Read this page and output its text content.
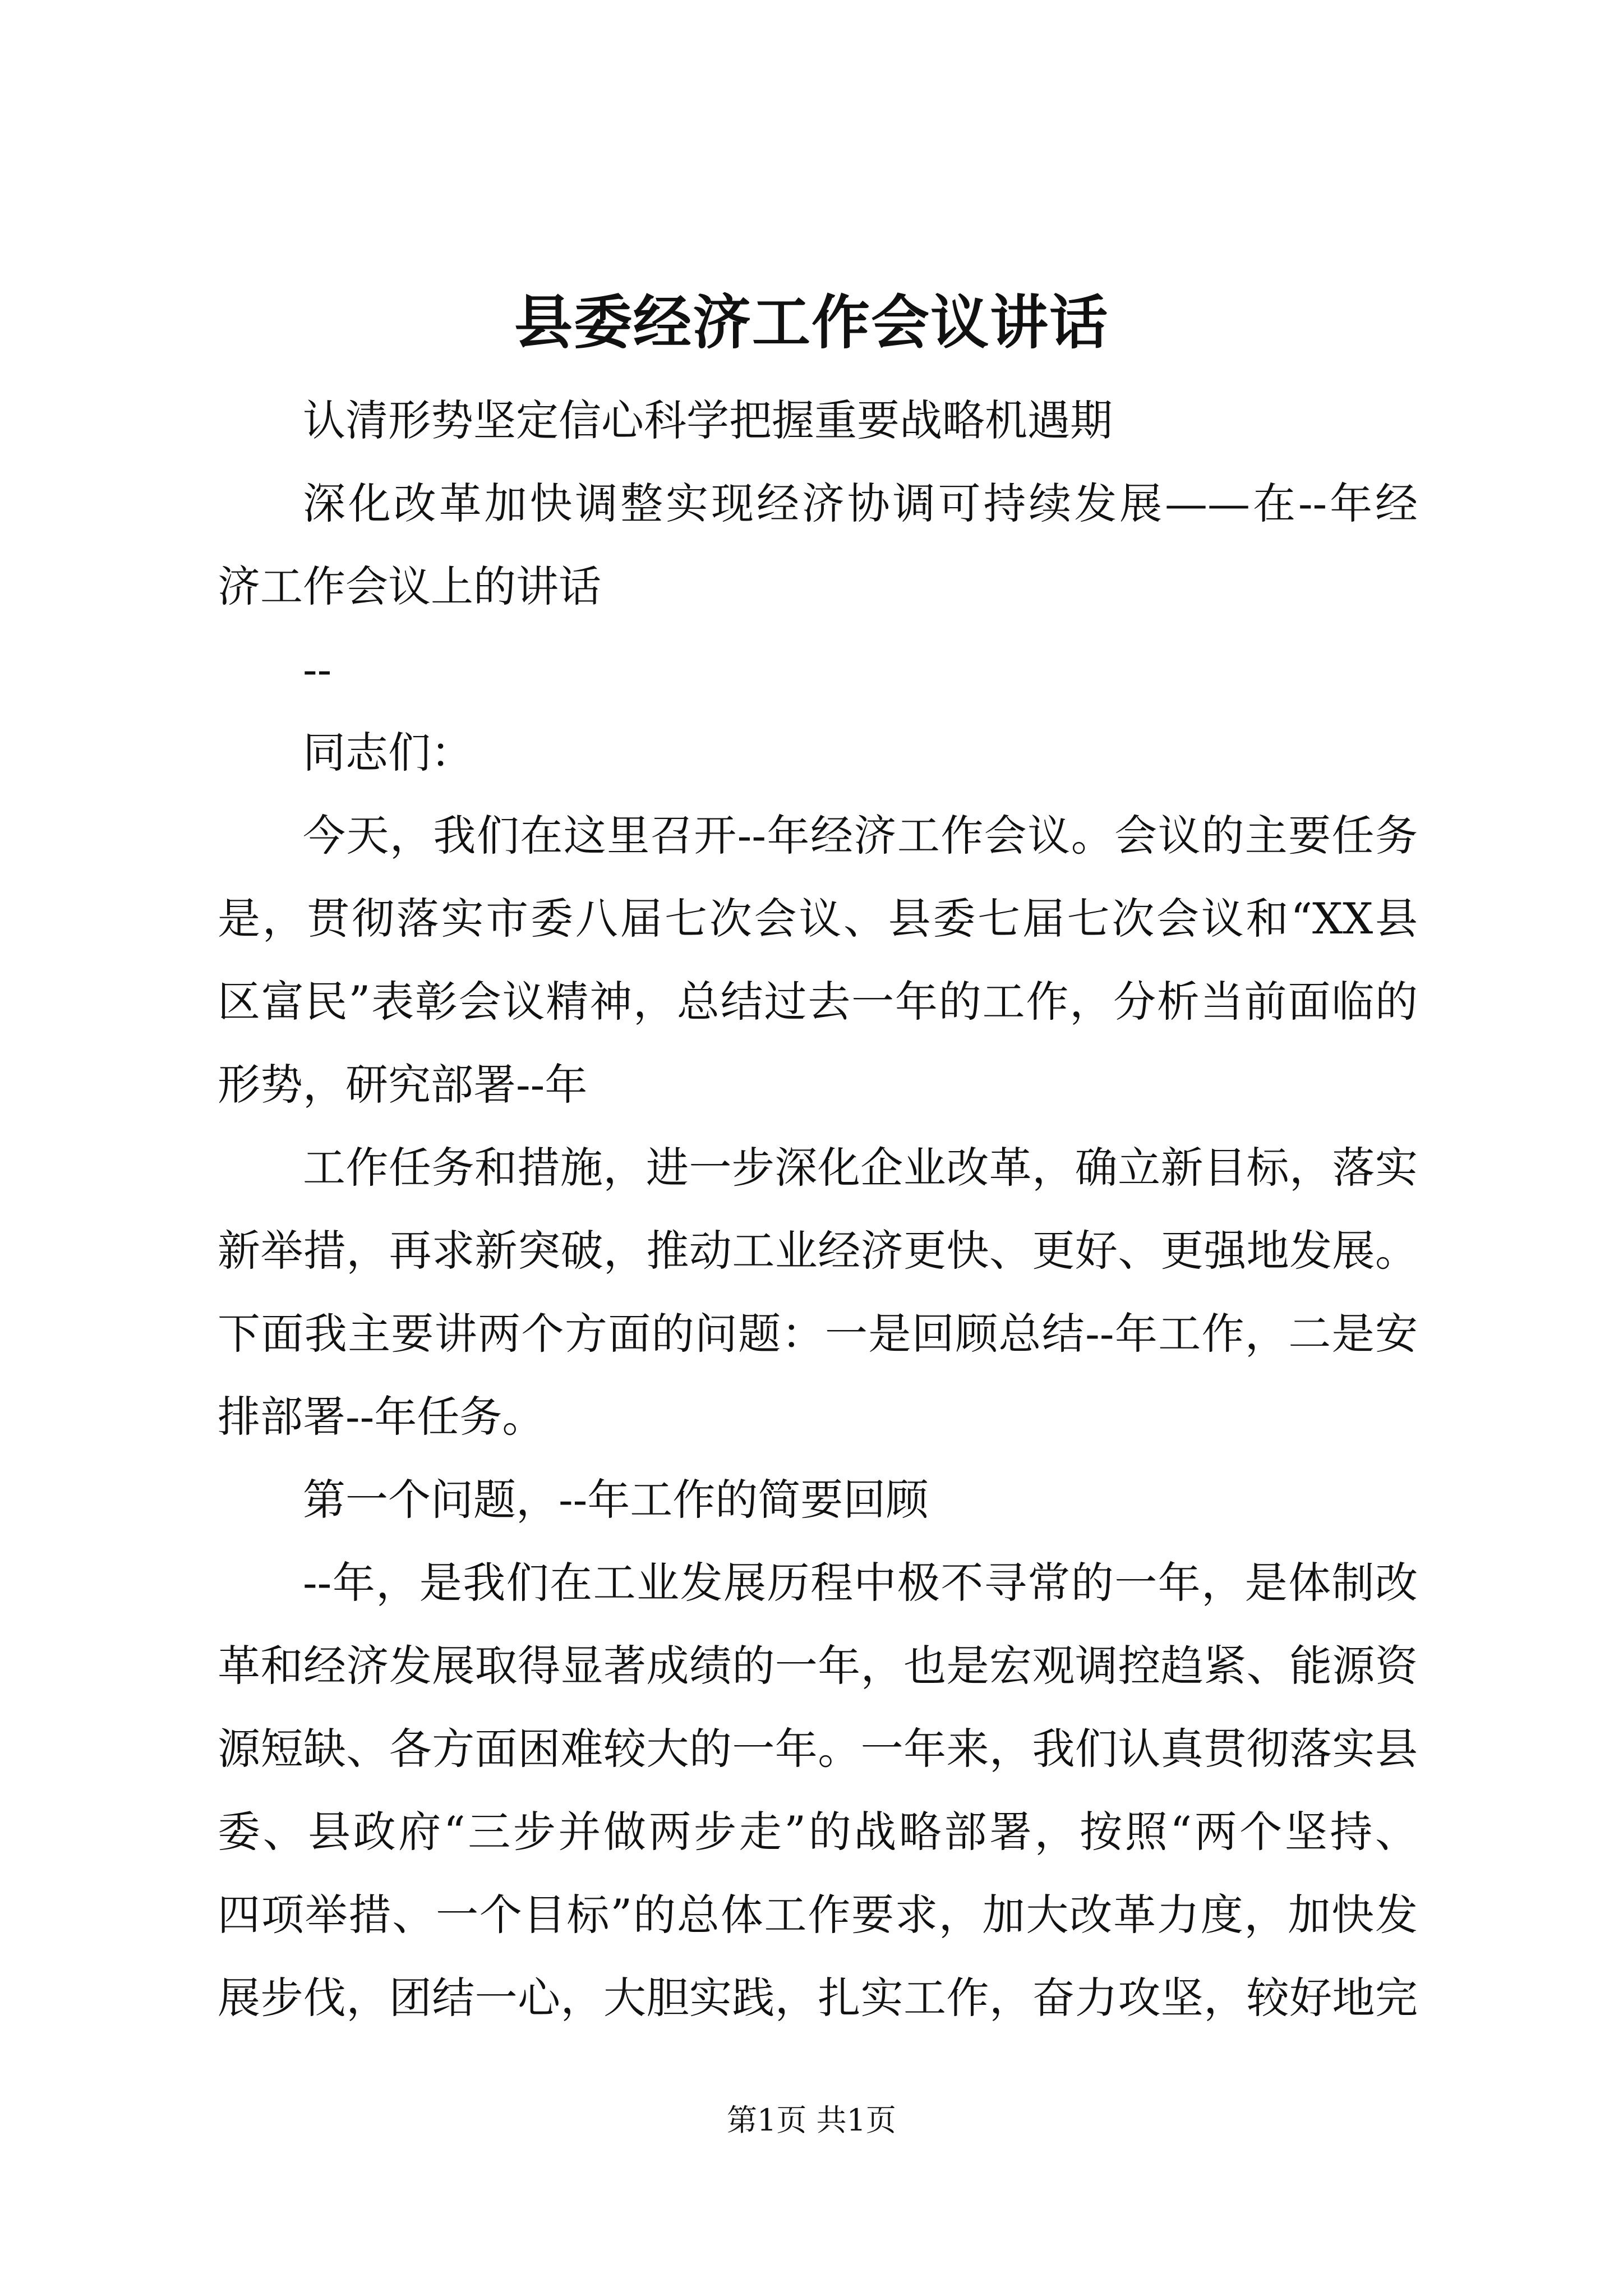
县委经济工作会议讲话
认清形势坚定信心科学把握重要战略机遇期
深化改革加快调整实现经济协调可持续发展——在--年经
济工作会议上的讲话
--
同志们：
今天，我们在这里召开--年经济工作会议。会议的主要任务
是，贯彻落实市委八届七次会议、县委七届七次会议和“XX县
区富民”表彰会议精神，总结过去一年的工作，分析当前面临的
形势，研究部署--年
工作任务和措施，进一步深化企业改革，确立新目标，落实
新举措，再求新突破，推动工业经济更快、更好、更强地发展。
下面我主要讲两个方面的问题：一是回顾总结--年工作，二是安
排部署--年任务。
第一个问题，--年工作的简要回顾
--年，是我们在工业发展历程中极不寻常的一年，是体制改
革和经济发展取得显著成绩的一年，也是宏观调控趋紧、能源资
源短缺、各方面困难较大的一年。一年来，我们认真贯彻落实县
委、县政府“三步并做两步走”的战略部署，按照“两个坚持、
四项举措、一个目标”的总体工作要求，加大改革力度，加快发
展步伐，团结一心，大胆实践，扎实工作，奋力攻坚，较好地完
第1页 共1页
